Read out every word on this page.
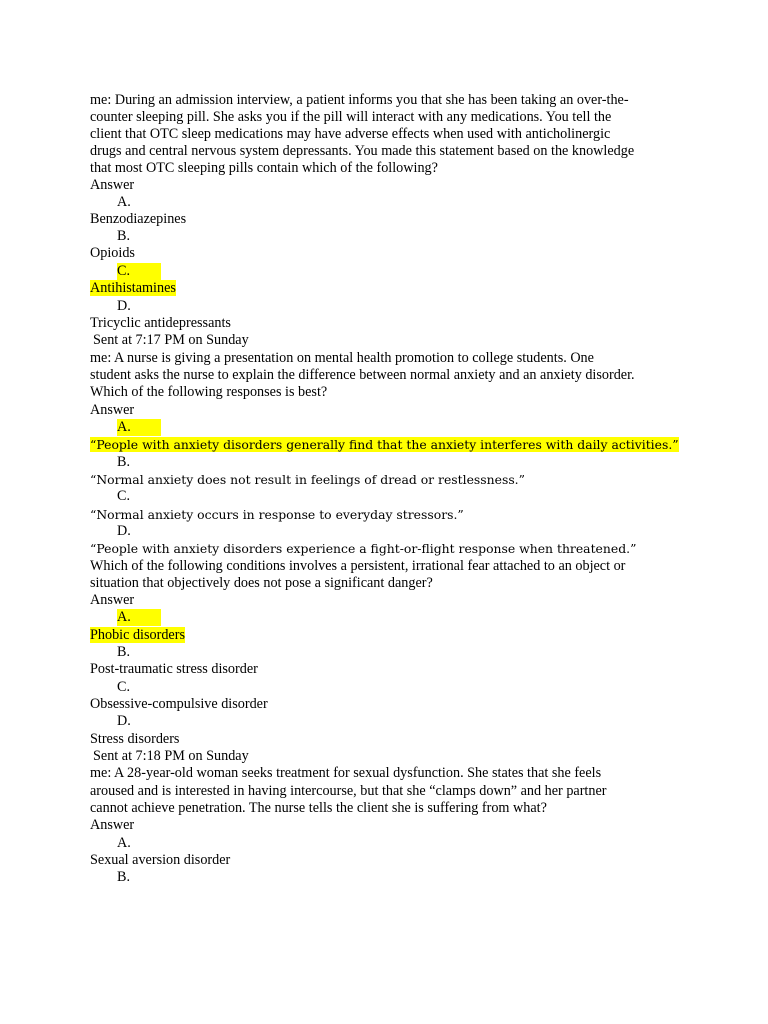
me: During an admission interview, a patient informs you that she has been taking an over-the-
counter sleeping pill. She asks you if the pill will interact with any medications. You tell the
client that OTC sleep medications may have adverse effects when used with anticholinergic
drugs and central nervous system depressants. You made this statement based on the knowledge
that most OTC sleeping pills contain which of the following?
Answer
A.
Benzodiazepines
B.
Opioids
C.
Antihistamines
D.
Tricyclic antidepressants
Sent at 7:17 PM on Sunday
me: A nurse is giving a presentation on mental health promotion to college students. One
student asks the nurse to explain the difference between normal anxiety and an anxiety disorder.
Which of the following responses is best?
Answer
A.
“People with anxiety disorders generally find that the anxiety interferes with daily activities.”
B.
“Normal anxiety does not result in feelings of dread or restlessness.”
C.
“Normal anxiety occurs in response to everyday stressors.”
D.
“People with anxiety disorders experience a fight-or-flight response when threatened.”
Which of the following conditions involves a persistent, irrational fear attached to an object or
situation that objectively does not pose a significant danger?
Answer
A.
Phobic disorders
B.
Post-traumatic stress disorder
C.
Obsessive-compulsive disorder
D.
Stress disorders
Sent at 7:18 PM on Sunday
me: A 28-year-old woman seeks treatment for sexual dysfunction. She states that she feels
aroused and is interested in having intercourse, but that she “clamps down” and her partner
cannot achieve penetration. The nurse tells the client she is suffering from what?
Answer
A.
Sexual aversion disorder
B.
